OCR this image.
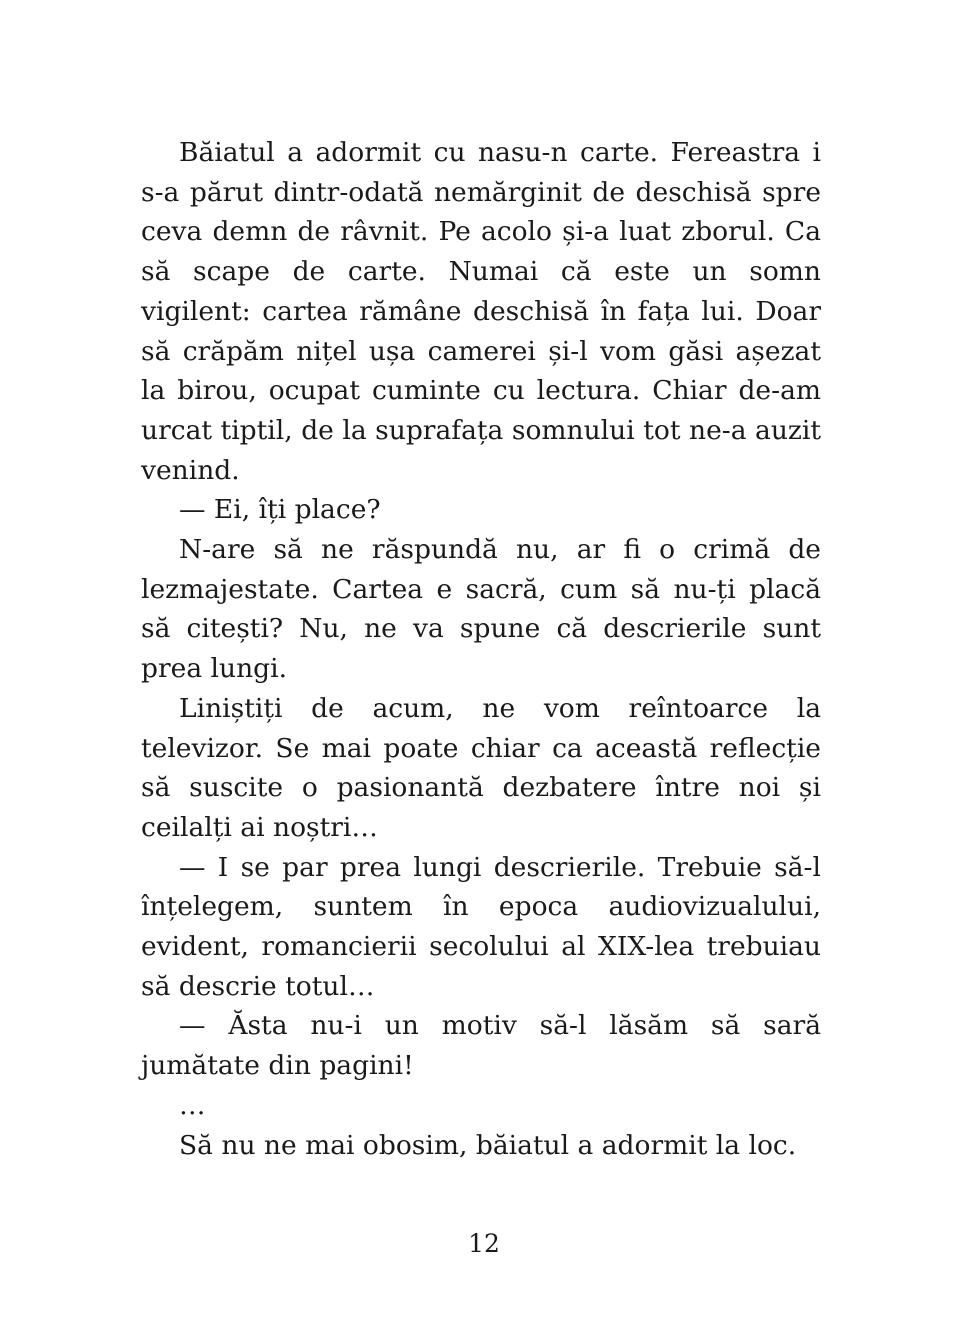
Băiatul a adormit cu nasu-n carte. Fereastra i s-a părut dintr-odată nemărginit de deschisă spre ceva demn de râvnit. Pe acolo și-a luat zborul. Ca să scape de carte. Numai că este un somn vigilent: cartea rămâne deschisă în fața lui. Doar să crăpăm nițel ușa camerei și-l vom găsi așezat la birou, ocupat cuminte cu lectura. Chiar de-am urcat tiptil, de la suprafața somnului tot ne-a auzit venind.

— Ei, îți place?

N-are să ne răspundă nu, ar fi o crimă de lezmajestate. Cartea e sacră, cum să nu-ți placă să citești? Nu, ne va spune că descrierile sunt prea lungi.

Liniștiți de acum, ne vom reîntoarce la televizor. Se mai poate chiar ca această reflecție să suscite o pasionantă dezbatere între noi și ceilalți ai noștri…

— I se par prea lungi descrierile. Trebuie să-l înțelegem, suntem în epoca audiovizualului, evident, romancierii secolului al XIX-lea trebuiau să descrie totul…

— Ăsta nu-i un motiv să-l lăsăm să sară jumătate din pagini!

…

Să nu ne mai obosim, băiatul a adormit la loc.

12
